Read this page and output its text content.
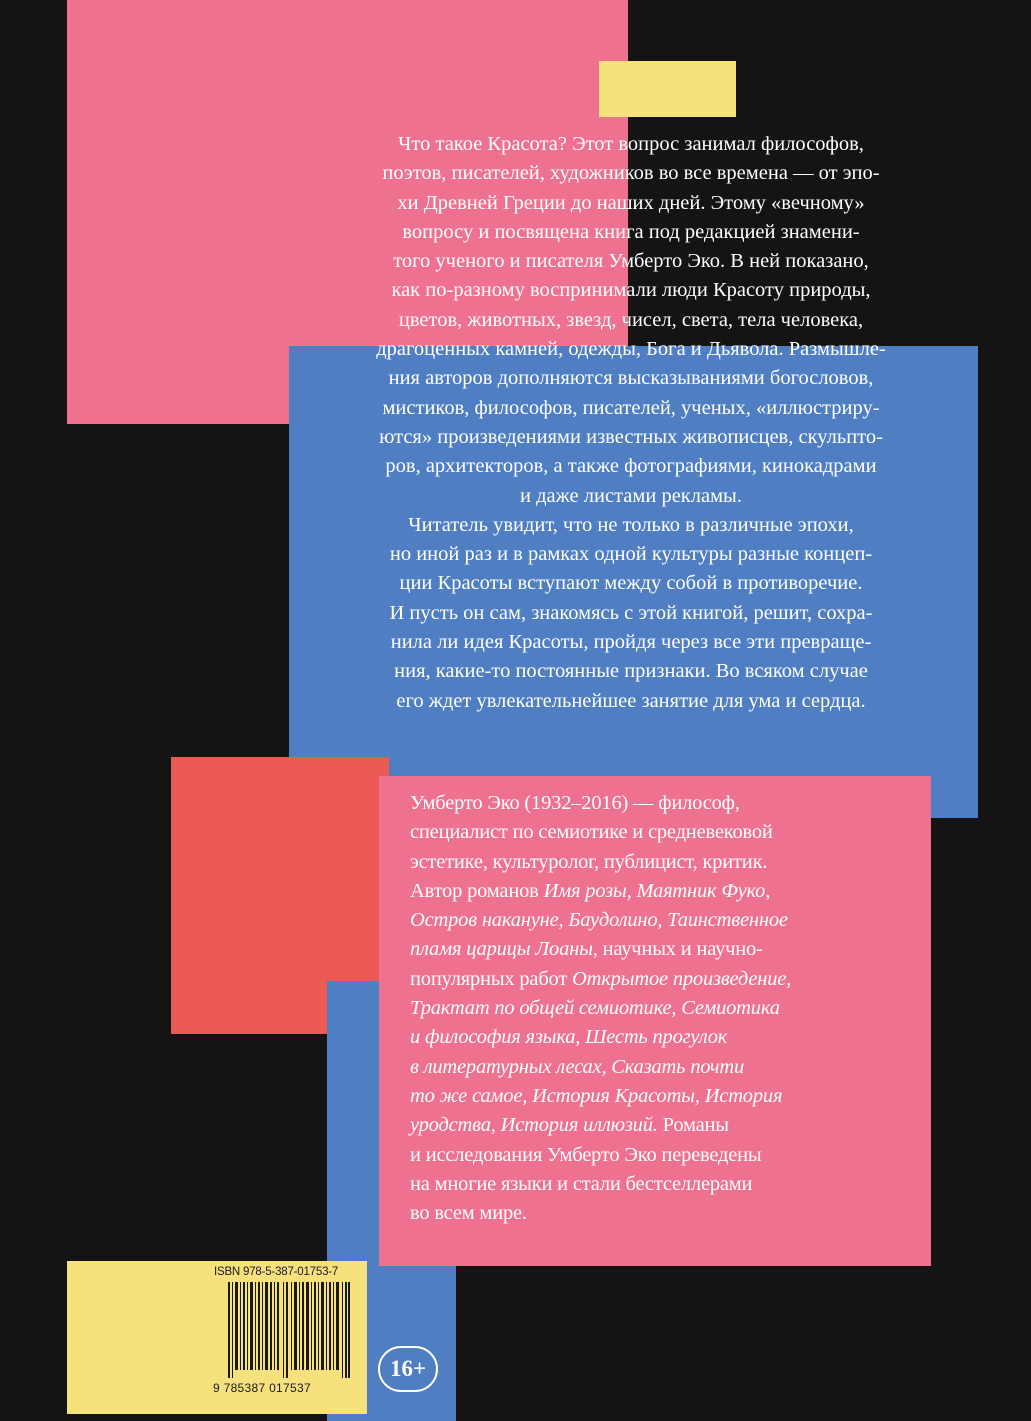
Что такое Красота? Этот вопрос занимал философов,
поэтов, писателей, художников во все времена — от эпо-
хи Древней Греции до наших дней. Этому «вечному»
вопросу и посвящена книга под редакцией знамени-
того ученого и писателя Умберто Эко. В ней показано,
как по-разному воспринимали люди Красоту природы,
цветов, животных, звезд, чисел, света, тела человека,
драгоценных камней, одежды, Бога и Дьявола. Размышле-
ния авторов дополняются высказываниями богословов,
мистиков, философов, писателей, ученых, «иллюстриру-
ются» произведениями известных живописцев, скульпто-
ров, архитекторов, а также фотографиями, кинокадрами
и даже листами рекламы.
Читатель увидит, что не только в различные эпохи,
но иной раз и в рамках одной культуры разные концеп-
ции Красоты вступают между собой в противоречие.
И пусть он сам, знакомясь с этой книгой, решит, сохра-
нила ли идея Красоты, пройдя через все эти превраще-
ния, какие-то постоянные признаки. Во всяком случае
его ждет увлекательнейшее занятие для ума и сердца.
Умберто Эко (1932–2016) — философ,
специалист по семиотике и средневековой
эстетике, культуролог, публицист, критик.
Автор романов Имя розы, Маятник Фуко,
Остров накануне, Баудолино, Таинственное
пламя царицы Лоаны, научных и научно-
популярных работ Открытое произведение,
Трактат по общей семиотике, Семиотика
и философия языка, Шесть прогулок
в литературных лесах, Сказать почти
то же самое, История Красоты, История
уродства, История иллюзий. Романы
и исследования Умберто Эко переведены
на многие языки и стали бестселлерами
во всем мире.
ISBN 978-5-387-01753-7
9 785387 017537
16+
